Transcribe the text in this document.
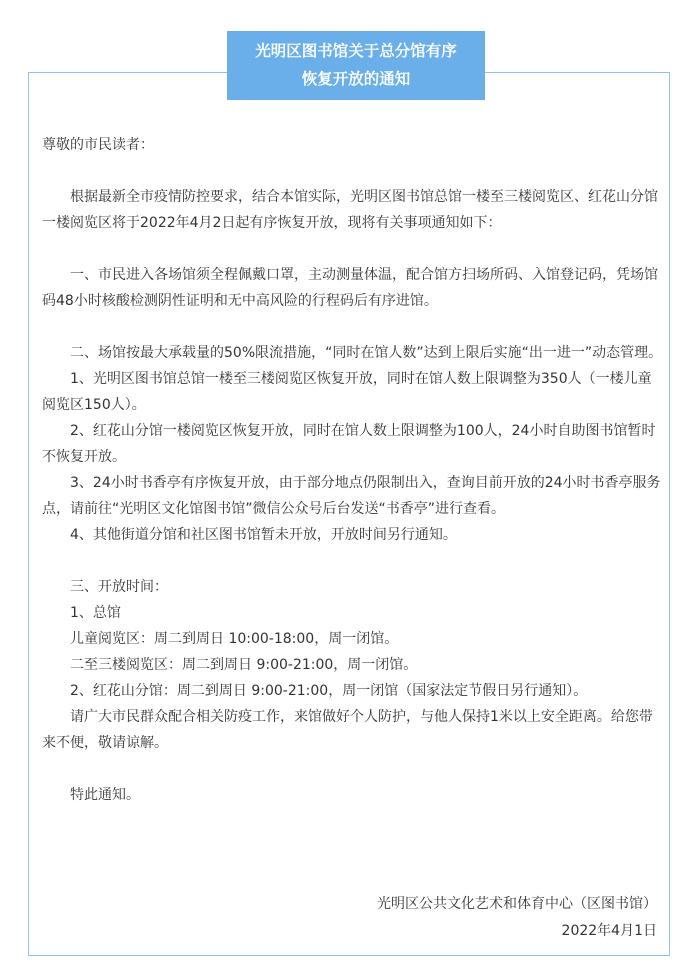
光明区图书馆关于总分馆有序
恢复开放的通知

尊敬的市民读者：

根据最新全市疫情防控要求，结合本馆实际，光明区图书馆总馆一楼至三楼阅览区、红花山分馆一楼阅览区将于2022年4月2日起有序恢复开放，现将有关事项通知如下：

一、市民进入各场馆须全程佩戴口罩，主动测量体温，配合馆方扫场所码、入馆登记码，凭场馆码48小时核酸检测阴性证明和无中高风险的行程码后有序进馆。

二、场馆按最大承载量的50%限流措施，“同时在馆人数”达到上限后实施“出一进一”动态管理。

1、光明区图书馆总馆一楼至三楼阅览区恢复开放，同时在馆人数上限调整为350人（一楼儿童阅览区150人）。

2、红花山分馆一楼阅览区恢复开放，同时在馆人数上限调整为100人，24小时自助图书馆暂时不恢复开放。

3、24小时书香亭有序恢复开放，由于部分地点仍限制出入，查询目前开放的24小时书香亭服务点，请前往“光明区文化馆图书馆”微信公众号后台发送“书香亭”进行查看。

4、其他街道分馆和社区图书馆暂未开放，开放时间另行通知。

三、开放时间：

1、总馆

儿童阅览区：周二到周日 10:00-18:00，周一闭馆。

二至三楼阅览区：周二到周日 9:00-21:00，周一闭馆。

2、红花山分馆：周二到周日 9:00-21:00，周一闭馆（国家法定节假日另行通知）。

请广大市民群众配合相关防疫工作，来馆做好个人防护，与他人保持1米以上安全距离。给您带来不便，敬请谅解。

特此通知。

光明区公共文化艺术和体育中心（区图书馆）
2022年4月1日
